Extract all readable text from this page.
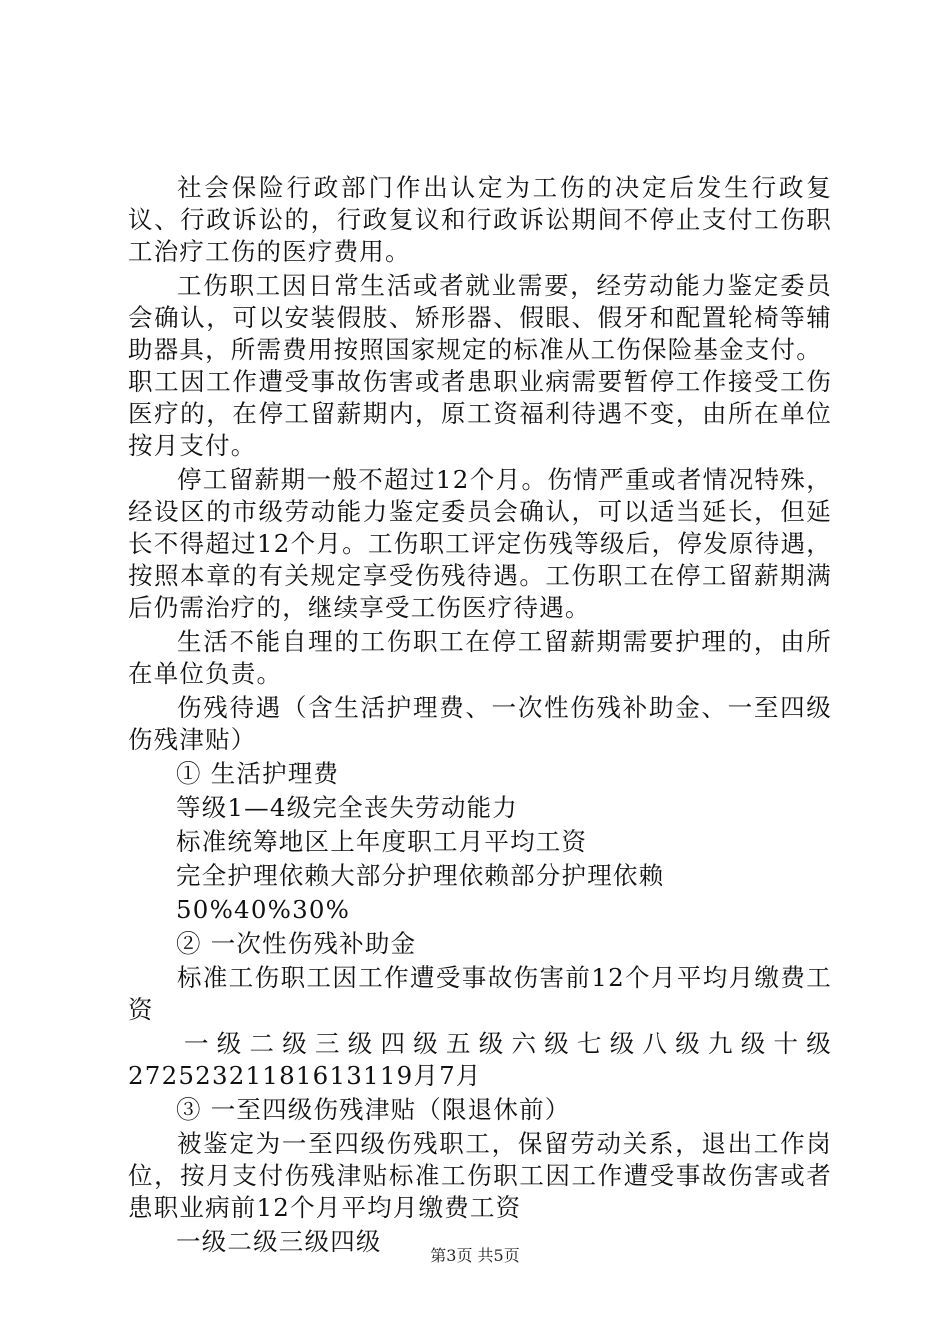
社会保险行政部门作出认定为工伤的决定后发生行政复议、行政诉讼的，行政复议和行政诉讼期间不停止支付工伤职工治疗工伤的医疗费用。

工伤职工因日常生活或者就业需要，经劳动能力鉴定委员会确认，可以安装假肢、矫形器、假眼、假牙和配置轮椅等辅助器具，所需费用按照国家规定的标准从工伤保险基金支付。

职工因工作遭受事故伤害或者患职业病需要暂停工作接受工伤医疗的，在停工留薪期内，原工资福利待遇不变，由所在单位按月支付。

停工留薪期一般不超过12个月。伤情严重或者情况特殊，经设区的市级劳动能力鉴定委员会确认，可以适当延长，但延长不得超过12个月。工伤职工评定伤残等级后，停发原待遇，按照本章的有关规定享受伤残待遇。工伤职工在停工留薪期满后仍需治疗的，继续享受工伤医疗待遇。

生活不能自理的工伤职工在停工留薪期需要护理的，由所在单位负责。

伤残待遇（含生活护理费、一次性伤残补助金、一至四级伤残津贴）

① 生活护理费

等级1—4级完全丧失劳动能力

标准统筹地区上年度职工月平均工资

完全护理依赖大部分护理依赖部分护理依赖

50%40%30%

② 一次性伤残补助金

标准工伤职工因工作遭受事故伤害前12个月平均月缴费工资

一级二级三级四级五级六级七级八级九级十级

27252321181613119月7月

③ 一至四级伤残津贴（限退休前）

被鉴定为一至四级伤残职工，保留劳动关系，退出工作岗位，按月支付伤残津贴标准工伤职工因工作遭受事故伤害或者患职业病前12个月平均月缴费工资

一级二级三级四级	第3页 共5页
